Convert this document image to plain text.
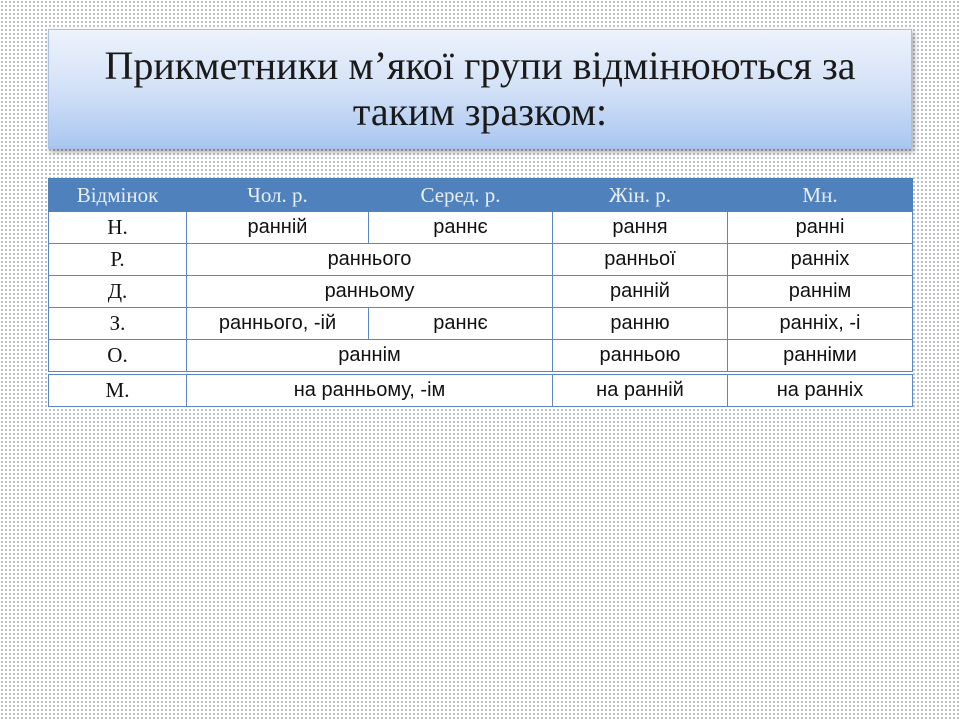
Прикметники м’якої групи відмінюються за таким зразком:
Відмінок	Чол. р.	Серед. р.	Жін. р.	Мн.
Н.	ранній	раннє	рання	ранні
Р.	раннього		ранньої	ранніх
Д.	ранньому		ранній	раннім
З.	раннього, -ій	раннє	ранню	ранніх, -і
О.	раннім		ранньою	ранніми
М.	на ранньому, -ім		на ранній	на ранніх
